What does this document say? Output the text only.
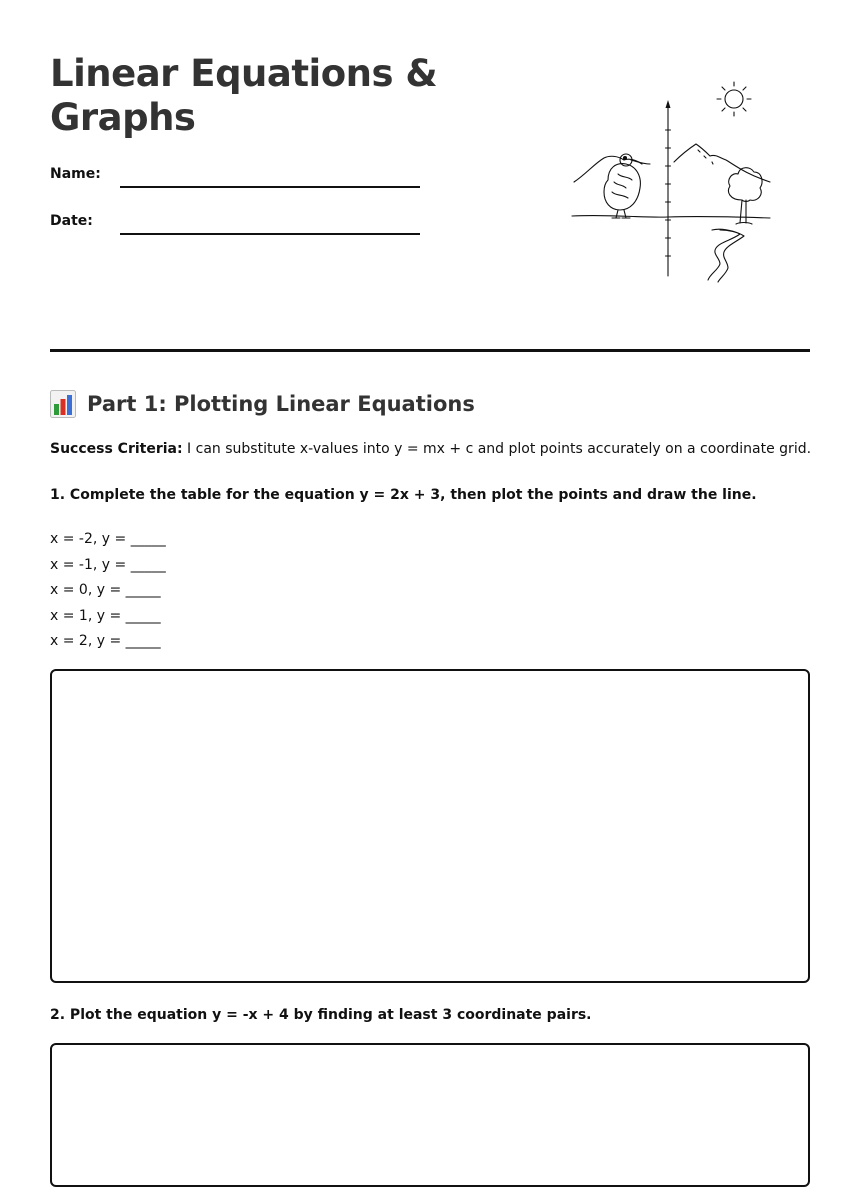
Linear Equations &
Graphs
Name:
Date:
Part 1: Plotting Linear Equations
Success Criteria: I can substitute x-values into y = mx + c and plot points accurately on a coordinate grid.
1. Complete the table for the equation y = 2x + 3, then plot the points and draw the line.
x = -2, y = _____
x = -1, y = _____
x = 0, y = _____
x = 1, y = _____
x = 2, y = _____
2. Plot the equation y = -x + 4 by finding at least 3 coordinate pairs.
